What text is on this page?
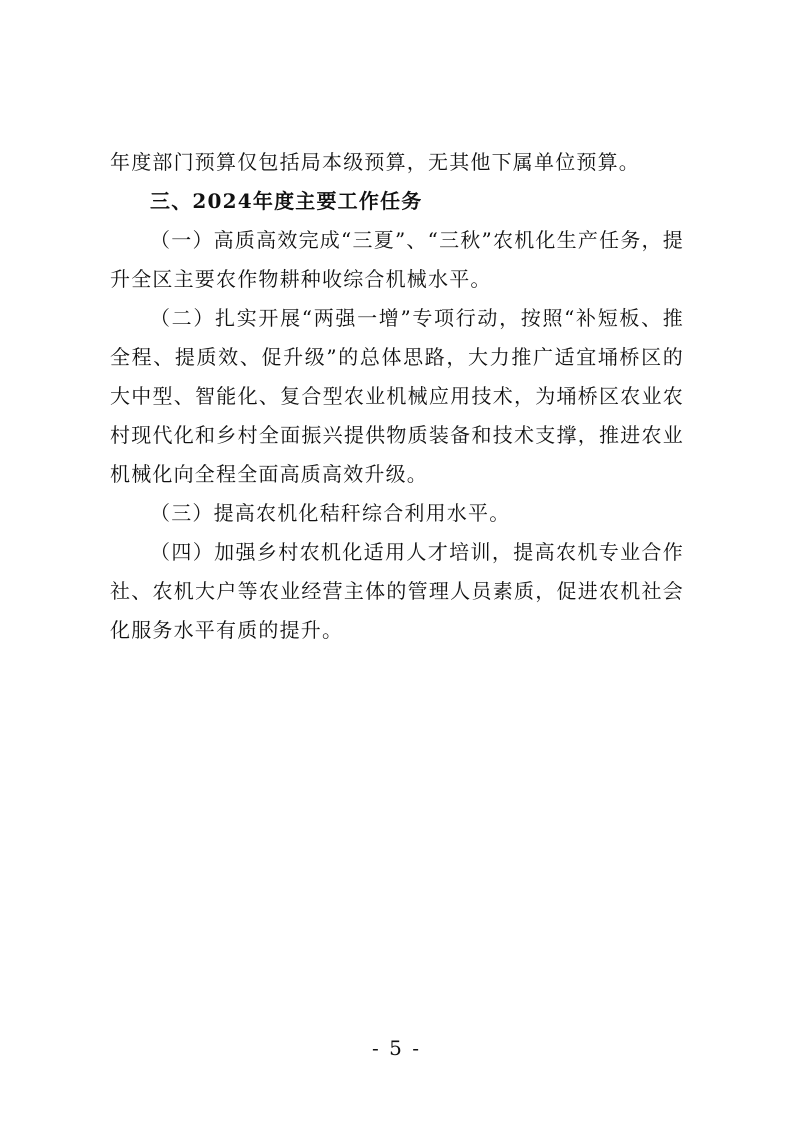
年度部门预算仅包括局本级预算，无其他下属单位预算。

三、2024年度主要工作任务

（一）高质高效完成“三夏”、“三秋”农机化生产任务，提升全区主要农作物耕种收综合机械水平。

（二）扎实开展“两强一增”专项行动，按照“补短板、推全程、提质效、促升级”的总体思路，大力推广适宜埇桥区的大中型、智能化、复合型农业机械应用技术，为埇桥区农业农村现代化和乡村全面振兴提供物质装备和技术支撑，推进农业机械化向全程全面高质高效升级。

（三）提高农机化秸秆综合利用水平。

（四）加强乡村农机化适用人才培训，提高农机专业合作社、农机大户等农业经营主体的管理人员素质，促进农机社会化服务水平有质的提升。

- 5 -
